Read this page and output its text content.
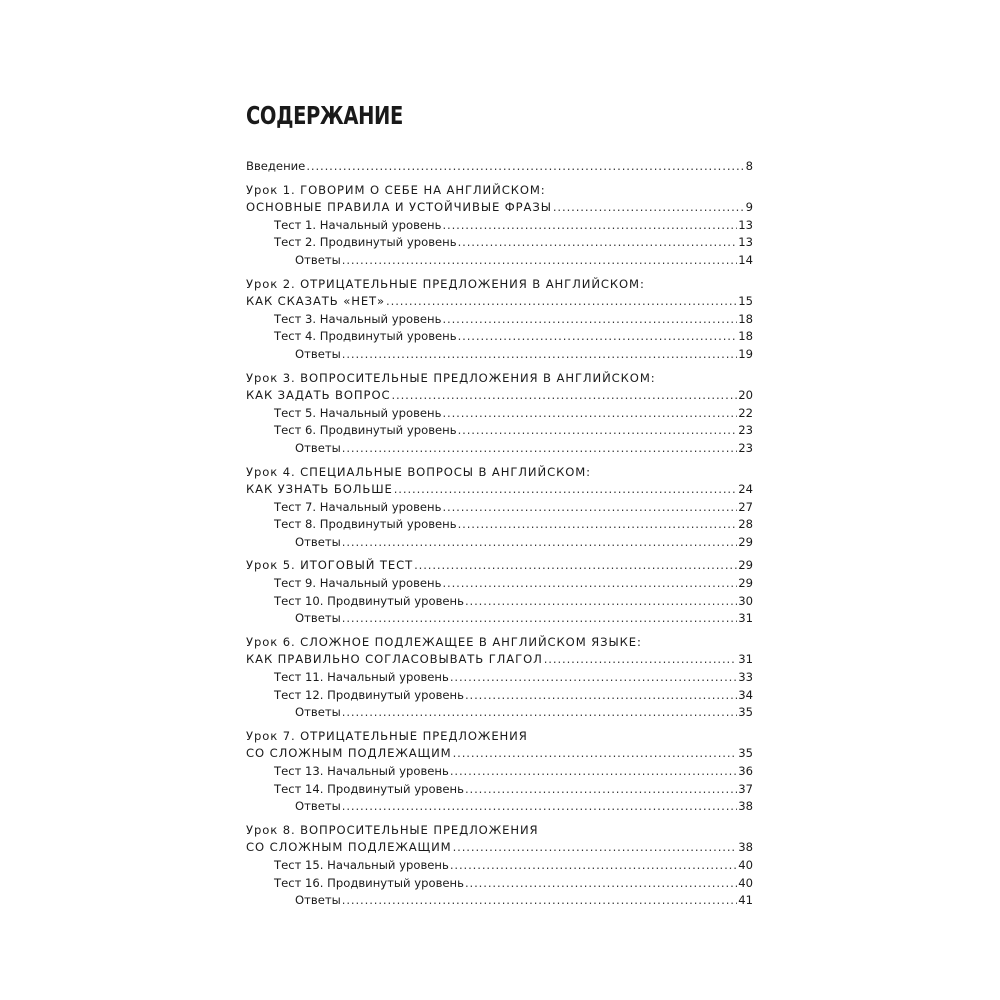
СОДЕРЖАНИЕ
Введение . . .	8
Урок 1. ГОВОРИМ О СЕБЕ НА АНГЛИЙСКОМ:
ОСНОВНЫЕ ПРАВИЛА И УСТОЙЧИВЫЕ ФРАЗЫ . . .	9
Тест 1. Начальный уровень . . .	13
Тест 2. Продвинутый уровень . . .	13
Ответы . . .	14
Урок 2. ОТРИЦАТЕЛЬНЫЕ ПРЕДЛОЖЕНИЯ В АНГЛИЙСКОМ:
КАК СКАЗАТЬ «НЕТ» . . .	15
Тест 3. Начальный уровень . . .	18
Тест 4. Продвинутый уровень . . .	18
Ответы . . .	19
Урок 3. ВОПРОСИТЕЛЬНЫЕ ПРЕДЛОЖЕНИЯ В АНГЛИЙСКОМ:
КАК ЗАДАТЬ ВОПРОС . . .	20
Тест 5. Начальный уровень . . .	22
Тест 6. Продвинутый уровень . . .	23
Ответы . . .	23
Урок 4. СПЕЦИАЛЬНЫЕ ВОПРОСЫ В АНГЛИЙСКОМ:
КАК УЗНАТЬ БОЛЬШЕ . . .	24
Тест 7. Начальный уровень . . .	27
Тест 8. Продвинутый уровень . . .	28
Ответы . . .	29
Урок 5. ИТОГОВЫЙ ТЕСТ . . .	29
Тест 9. Начальный уровень . . .	29
Тест 10. Продвинутый уровень . . .	30
Ответы . . .	31
Урок 6. СЛОЖНОЕ ПОДЛЕЖАЩЕЕ В АНГЛИЙСКОМ ЯЗЫКЕ:
КАК ПРАВИЛЬНО СОГЛАСОВЫВАТЬ ГЛАГОЛ . . .	31
Тест 11. Начальный уровень . . .	33
Тест 12. Продвинутый уровень . . .	34
Ответы . . .	35
Урок 7. ОТРИЦАТЕЛЬНЫЕ ПРЕДЛОЖЕНИЯ
СО СЛОЖНЫМ ПОДЛЕЖАЩИМ . . .	35
Тест 13. Начальный уровень . . .	36
Тест 14. Продвинутый уровень . . .	37
Ответы . . .	38
Урок 8. ВОПРОСИТЕЛЬНЫЕ ПРЕДЛОЖЕНИЯ
СО СЛОЖНЫМ ПОДЛЕЖАЩИМ . . .	38
Тест 15. Начальный уровень . . .	40
Тест 16. Продвинутый уровень . . .	40
Ответы . . .	41
